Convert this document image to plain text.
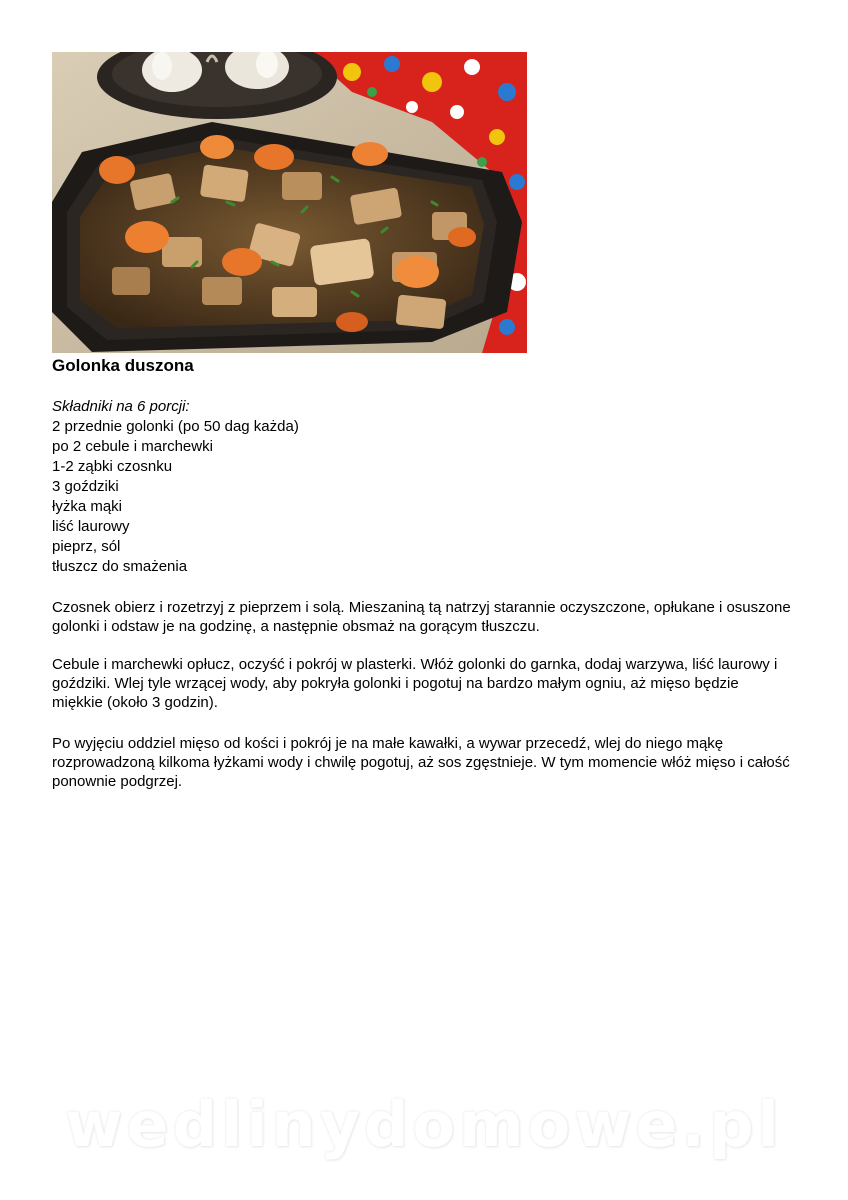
Golonka duszona
Składniki na 6 porcji:
2 przednie golonki (po 50 dag każda)
po 2 cebule i marchewki
1-2 ząbki czosnku
3 goździki
łyżka mąki
liść laurowy
pieprz, sól
tłuszcz do smażenia

Czosnek obierz i rozetrzyj z pieprzem i solą. Mieszaniną tą natrzyj starannie oczyszczone, opłukane i osuszone golonki i odstaw je na godzinę, a następnie obsmaż na gorącym tłuszczu.

Cebule i marchewki opłucz, oczyść i pokrój w plasterki. Włóż golonki do garnka, dodaj warzywa, liść laurowy i goździki. Wlej tyle wrzącej wody, aby pokryła golonki i pogotuj na bardzo małym ogniu, aż mięso będzie miękkie (około 3 godzin).

Po wyjęciu oddziel mięso od kości i pokrój je na małe kawałki, a wywar przecedź, wlej do niego mąkę rozprowadzoną kilkoma łyżkami wody i chwilę pogotuj, aż sos zgęstnieje. W tym momencie włóż mięso i całość ponownie podgrzej.

wedlinydomowe.pl
